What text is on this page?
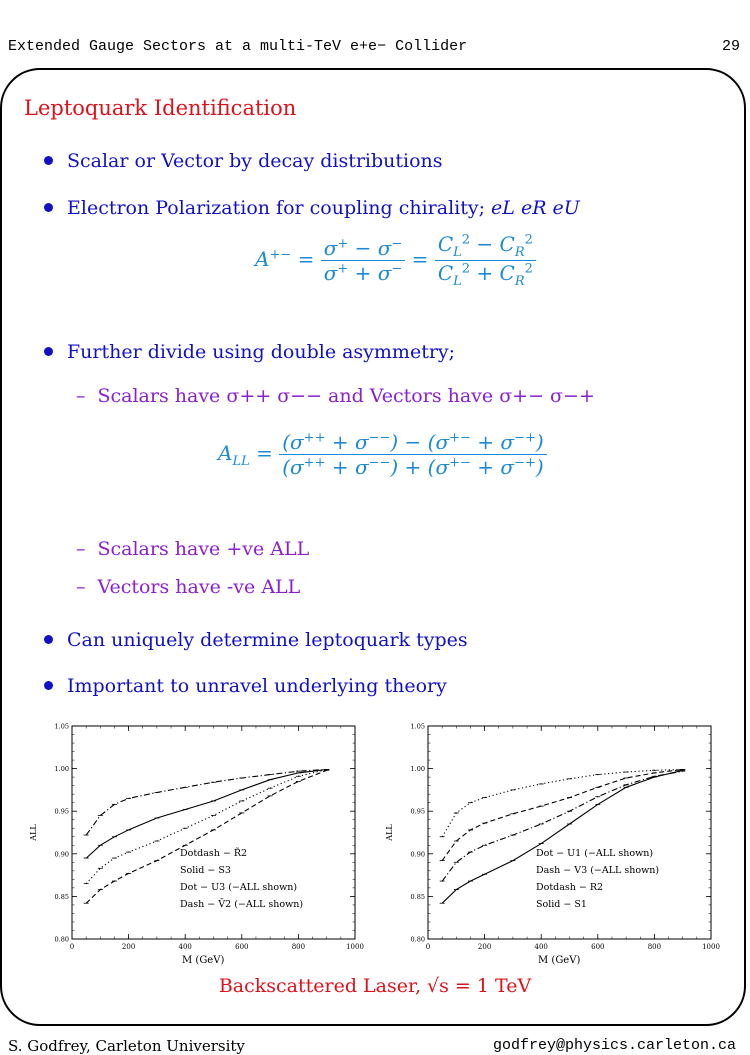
Extended Gauge Sectors at a multi-TeV e+e− Collider	29
Leptoquark Identification
Scalar or Vector by decay distributions
Electron Polarization for coupling chirality; eL eR eU
$A^{+-} = \frac{\sigma^+ - \sigma^-}{\sigma^+ + \sigma^-} = \frac{C_L^2 - C_R^2}{C_L^2 + C_R^2}$
Further divide using double asymmetry;
– Scalars have σ++ σ−− and Vectors have σ+− σ−+
$A_{LL} = \frac{(\sigma^{++} + \sigma^{--}) - (\sigma^{+-} + \sigma^{-+})}{(\sigma^{++} + \sigma^{--}) + (\sigma^{+-} + \sigma^{-+})}$
– Scalars have +ve ALL
– Vectors have -ve ALL
Can uniquely determine leptoquark types
Important to unravel underlying theory
0	200	400	600	800	1000
0.80
0.85
0.90
0.95
1.00
1.05
M (GeV)
ALL
Dotdash − R̃2
Solid − S3
Dot − U3 (−ALL shown)
Dash − V̄2 (−ALL shown)
0	200	400	600	800	1000
0.80
0.85
0.90
0.95
1.00
1.05
M (GeV)
ALL
Dot − U1 (−ALL shown)
Dash − V3 (−ALL shown)
Dotdash − R2
Solid − S1
Backscattered Laser, √s = 1 TeV
S. Godfrey, Carleton University	godfrey@physics.carleton.ca
